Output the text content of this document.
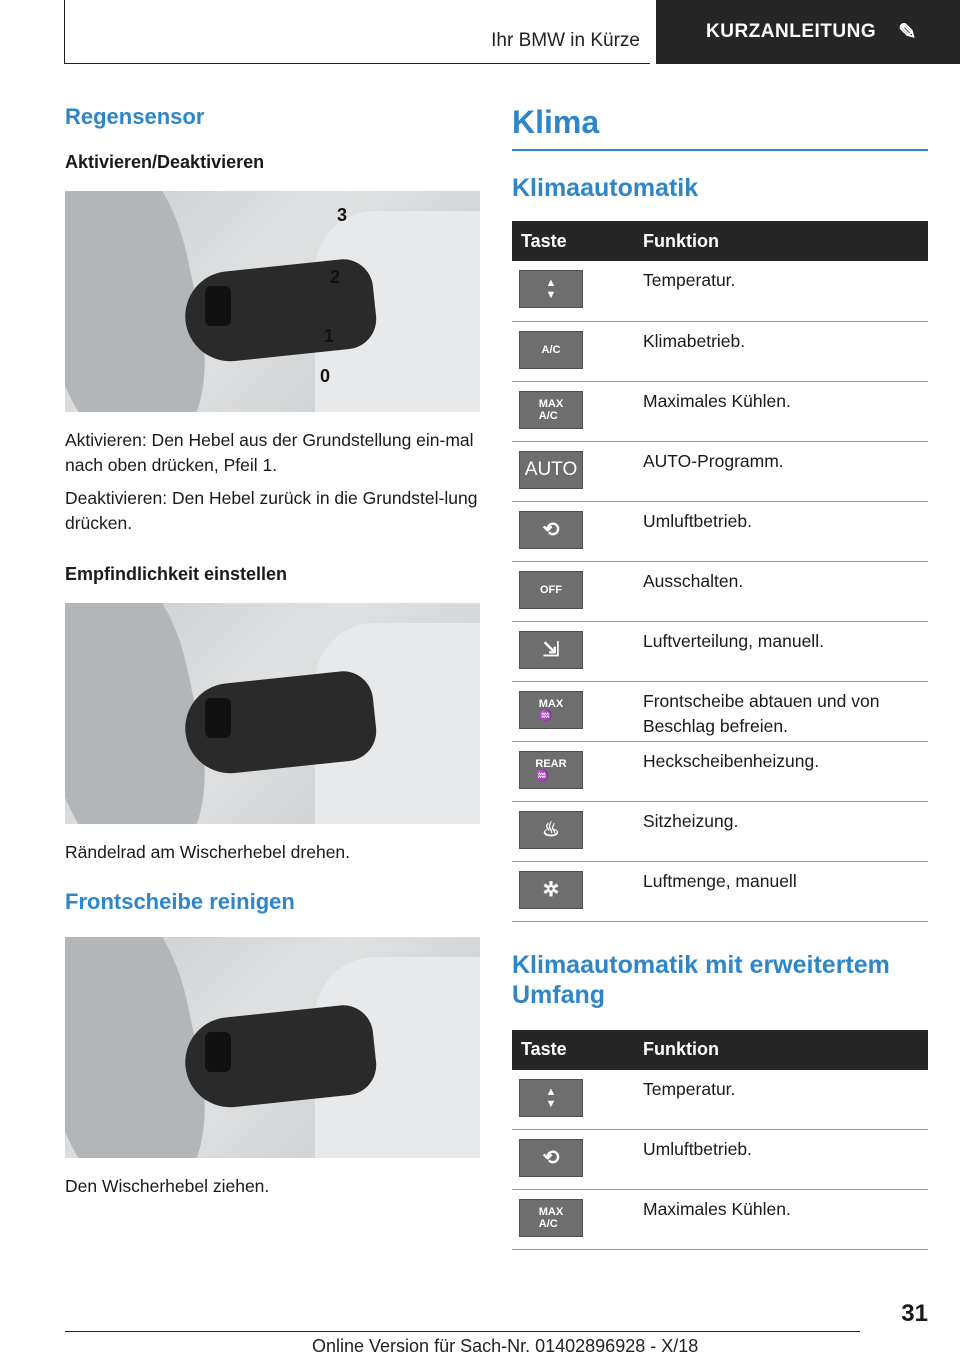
Ihr BMW in Kürze	KURZANLEITUNG ✎
Regensensor
Aktivieren/Deaktivieren
3
2
1
0

Aktivieren: Den Hebel aus der Grundstellung ein-mal nach oben drücken, Pfeil 1.

Deaktivieren: Den Hebel zurück in die Grundstel-lung drücken.

Empfindlichkeit einstellen

Rändelrad am Wischerhebel drehen.

Frontscheibe reinigen

Den Wischerhebel ziehen.

Klima
Klimaautomatik
Taste	Funktion

▲
▼	Temperatur.

A/C	Klimabetrieb.

MAX
A/C	Maximales Kühlen.

AUTO	AUTO-Programm.

⟲	Umluftbetrieb.

OFF	Ausschalten.

⇲	Luftverteilung, manuell.

MAX
♒	Frontscheibe abtauen und von Beschlag befreien.

REAR
♒	Heckscheibenheizung.

♨	Sitzheizung.

✲	Luftmenge, manuell
Klimaautomatik mit erweitertem Umfang
Taste	Funktion

▲
▼	Temperatur.

⟲	Umluftbetrieb.

MAX
A/C	Maximales Kühlen.
31
Online Version für Sach-Nr. 01402896928 - X/18
